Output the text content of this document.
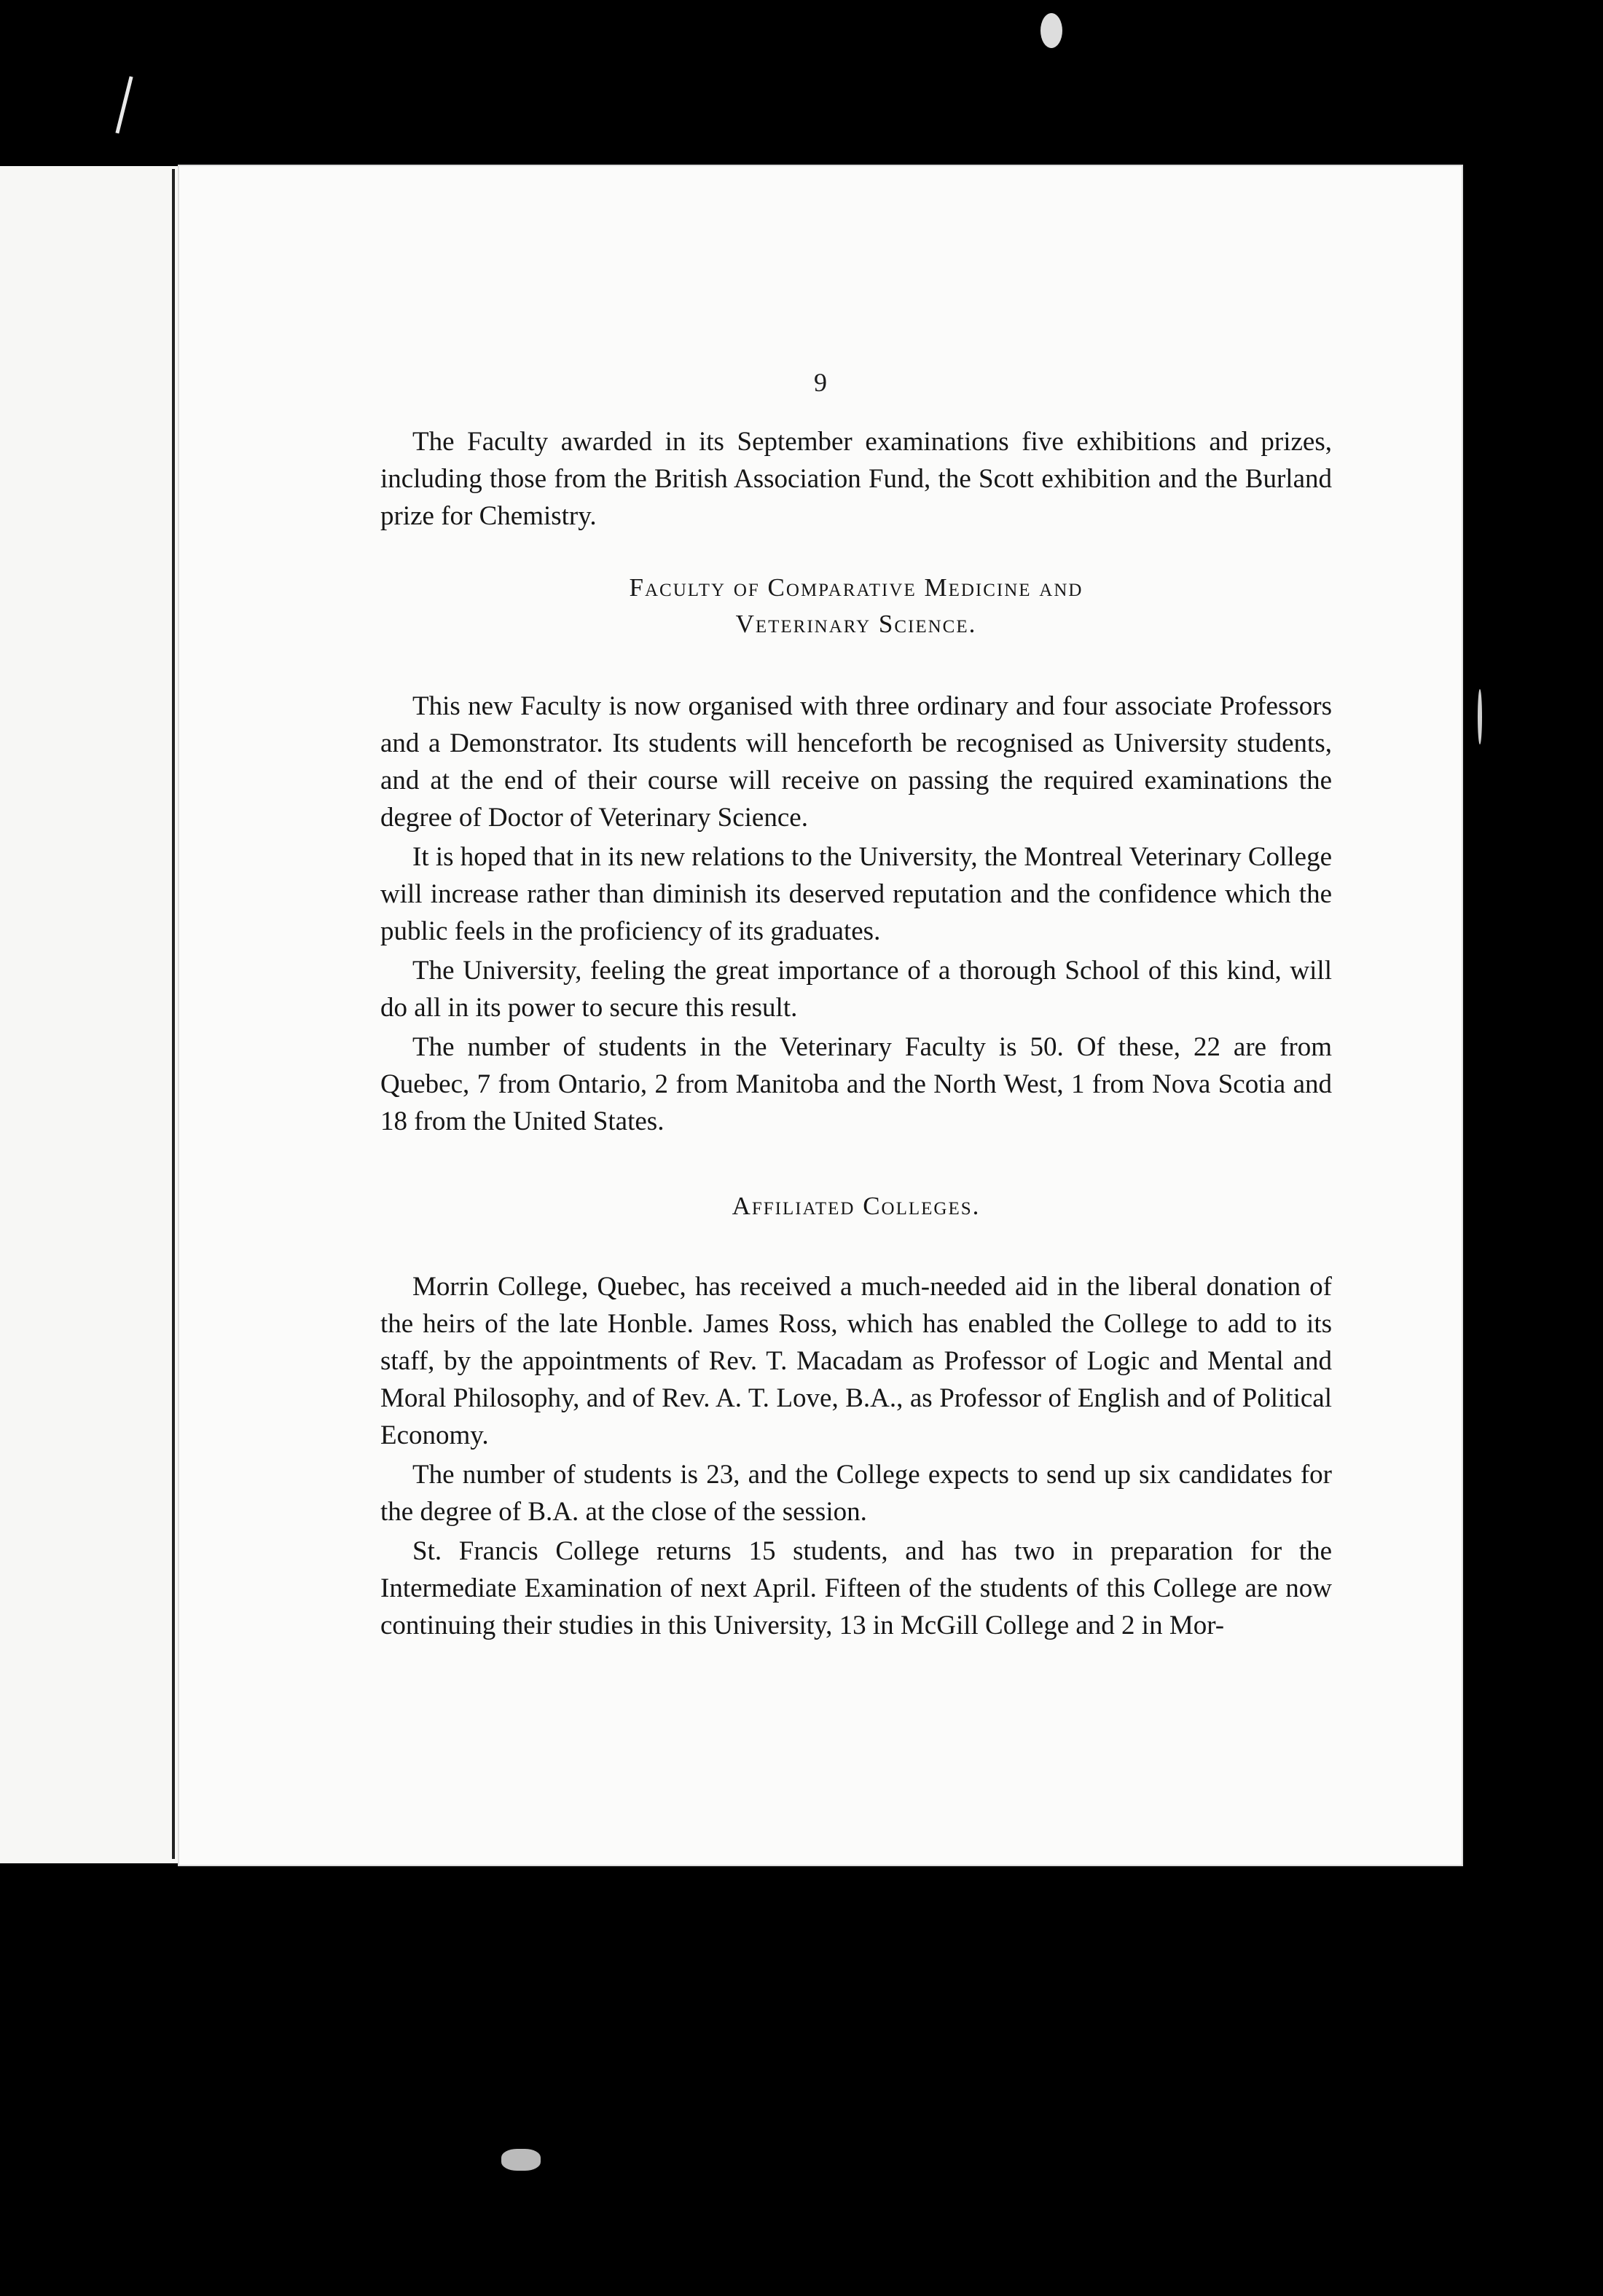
9

The Faculty awarded in its September examinations five exhibitions and prizes, including those from the British Association Fund, the Scott exhibition and the Burland prize for Chemistry.

Faculty of Comparative Medicine and
Veterinary Science.

This new Faculty is now organised with three ordinary and four associate Professors and a Demonstrator. Its students will henceforth be recognised as University students, and at the end of their course will receive on passing the required examinations the degree of Doctor of Veterinary Science.

It is hoped that in its new relations to the University, the Montreal Veterinary College will increase rather than diminish its deserved reputation and the confidence which the public feels in the proficiency of its graduates.

The University, feeling the great importance of a thorough School of this kind, will do all in its power to secure this result.

The number of students in the Veterinary Faculty is 50. Of these, 22 are from Quebec, 7 from Ontario, 2 from Manitoba and the North West, 1 from Nova Scotia and 18 from the United States.

Affiliated Colleges.

Morrin College, Quebec, has received a much-needed aid in the liberal donation of the heirs of the late Honble. James Ross, which has enabled the College to add to its staff, by the appointments of Rev. T. Macadam as Professor of Logic and Mental and Moral Philosophy, and of Rev. A. T. Love, B.A., as Professor of English and of Political Economy.

The number of students is 23, and the College expects to send up six candidates for the degree of B.A. at the close of the session.

St. Francis College returns 15 students, and has two in preparation for the Intermediate Examination of next April. Fifteen of the students of this College are now continuing their studies in this University, 13 in McGill College and 2 in Mor-
